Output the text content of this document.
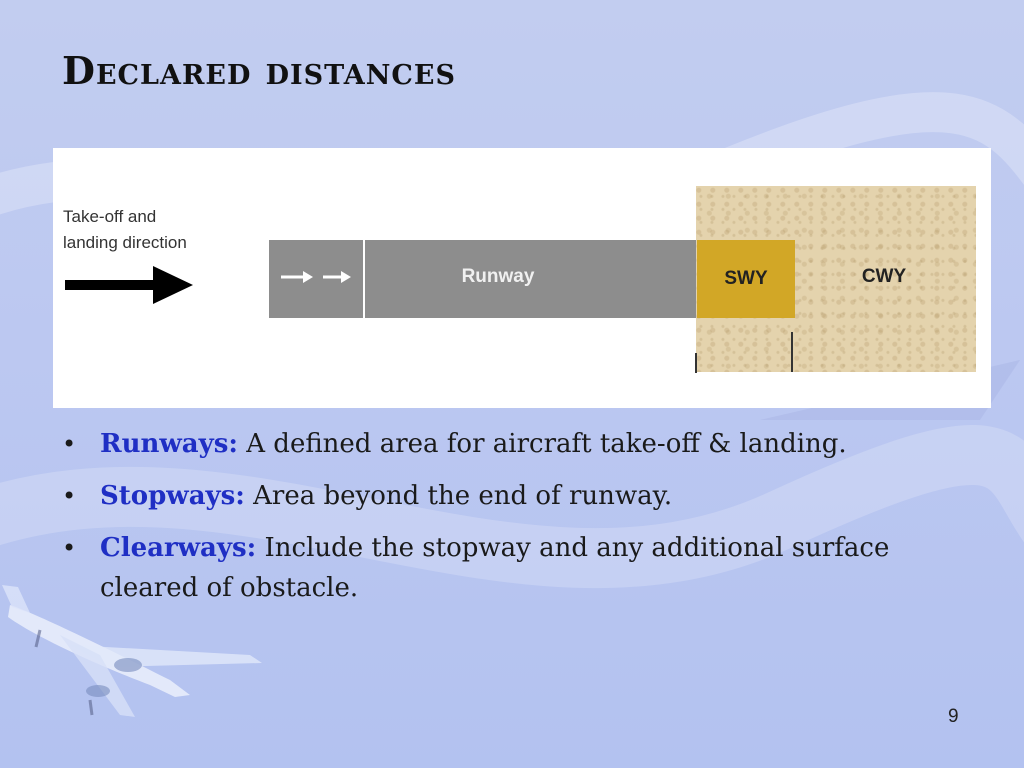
Declared distances
Take-off and
landing direction
Runway	SWY	CWY
• Runways: A defined area for aircraft take-off & landing.
• Stopways: Area beyond the end of runway.
• Clearways: Include the stopway and any additional surface cleared of obstacle.
9
